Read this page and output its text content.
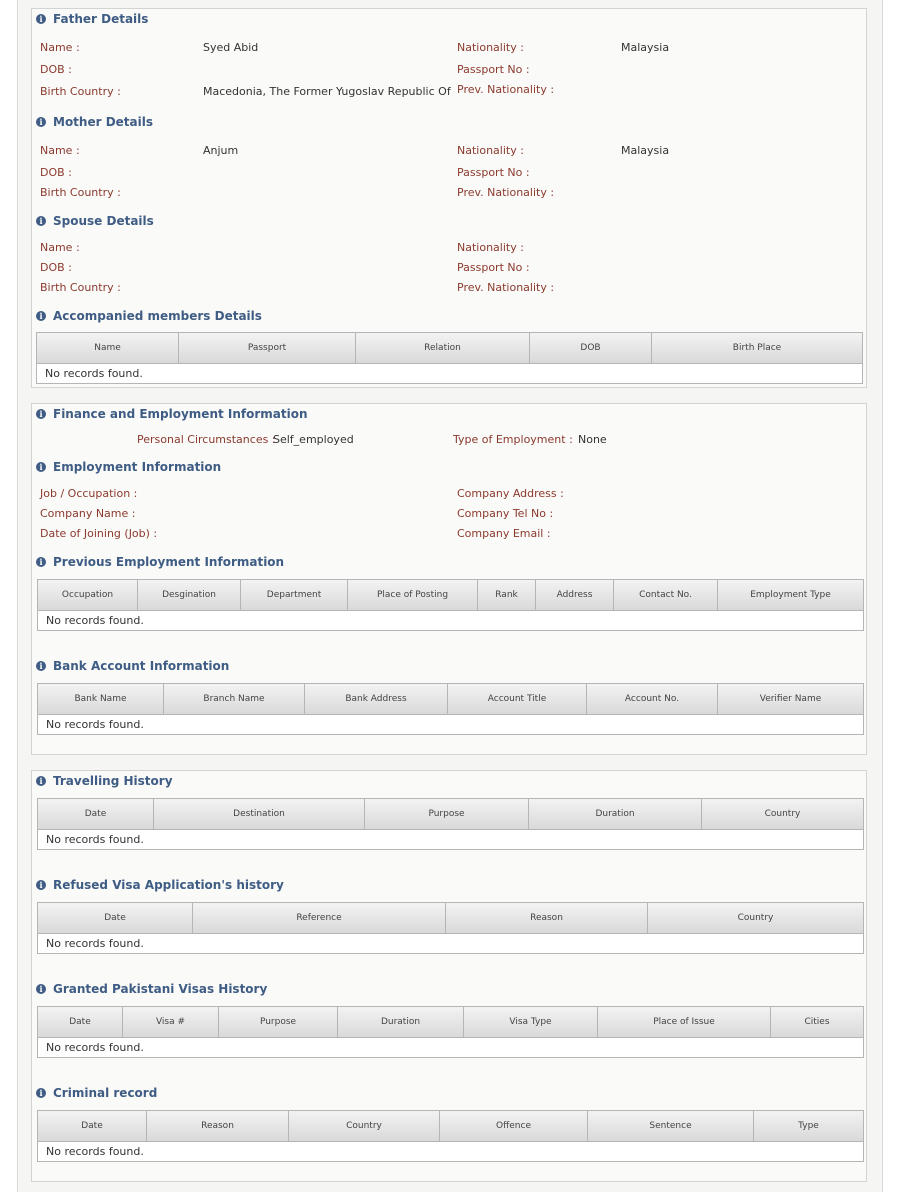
i Father Details
Name :	Syed Abid
DOB :
Birth Country :	Macedonia, The Former Yugoslav Republic Of
Nationality :	Malaysia
Passport No :
Prev. Nationality :
i Mother Details
Name :	Anjum
DOB :
Birth Country :
Nationality :	Malaysia
Passport No :
Prev. Nationality :
i Spouse Details
Name :
DOB :
Birth Country :
Nationality :
Passport No :
Prev. Nationality :
i Accompanied members Details
Name	Passport	Relation	DOB	Birth Place
No records found.
i Finance and Employment Information
Personal Circumstances :
Self_employed	Type of Employment : None
i Employment Information
Job / Occupation :
Company Name :
Date of Joining (Job) :
Company Address :
Company Tel No :
Company Email :
i Previous Employment Information
Occupation	Desgination	Department	Place of Posting	Rank	Address	Contact No.	Employment Type
No records found.
i Bank Account Information
Bank Name	Branch Name	Bank Address	Account Title	Account No.	Verifier Name
No records found.
i Travelling History
Date	Destination	Purpose	Duration	Country
No records found.
i Refused Visa Application's history
Date	Reference	Reason	Country
No records found.
i Granted Pakistani Visas History
Date	Visa #	Purpose	Duration	Visa Type	Place of Issue	Cities
No records found.
i Criminal record
Date	Reason	Country	Offence	Sentence	Type
No records found.
